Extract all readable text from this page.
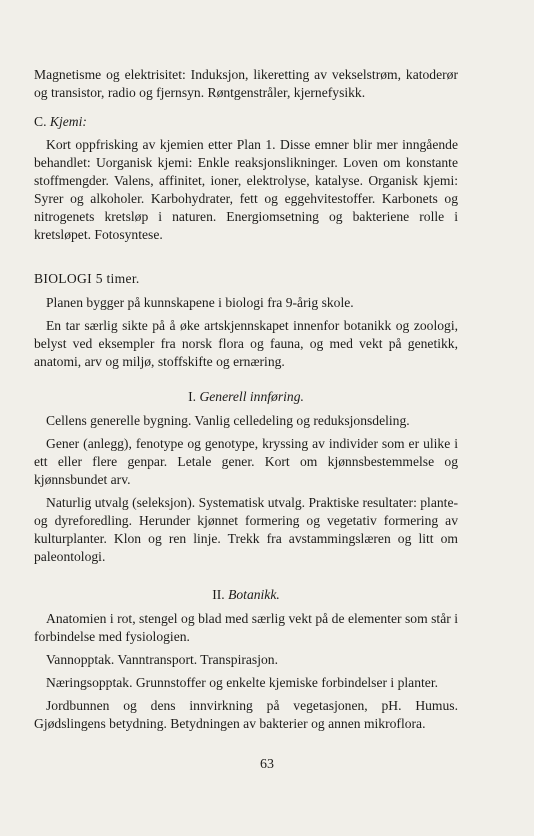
Magnetisme og elektrisitet: Induksjon, likeretting av vekselstrøm, katoderør og transistor, radio og fjernsyn. Røntgenstråler, kjernefysikk.

C. Kjemi:

Kort oppfrisking av kjemien etter Plan 1. Disse emner blir mer inngående behandlet: Uorganisk kjemi: Enkle reaksjonslikninger. Loven om konstante stoffmengder. Valens, affinitet, ioner, elektrolyse, katalyse. Organisk kjemi: Syrer og alkoholer. Karbohydrater, fett og eggehvitestoffer. Karbonets og nitrogenets kretsløp i naturen. Energiomsetning og bakteriene rolle i kretsløpet. Fotosyntese.

BIOLOGI 5 timer.

Planen bygger på kunnskapene i biologi fra 9-årig skole.

En tar særlig sikte på å øke artskjennskapet innenfor botanikk og zoologi, belyst ved eksempler fra norsk flora og fauna, og med vekt på genetikk, anatomi, arv og miljø, stoffskifte og ernæring.

I. Generell innføring.

Cellens generelle bygning. Vanlig celledeling og reduksjonsdeling.

Gener (anlegg), fenotype og genotype, kryssing av individer som er ulike i ett eller flere genpar. Letale gener. Kort om kjønnsbestemmelse og kjønnsbundet arv.

Naturlig utvalg (seleksjon). Systematisk utvalg. Praktiske resultater: plante- og dyreforedling. Herunder kjønnet formering og vegetativ formering av kulturplanter. Klon og ren linje. Trekk fra avstammingslæren og litt om paleontologi.

II. Botanikk.

Anatomien i rot, stengel og blad med særlig vekt på de elementer som står i forbindelse med fysiologien.

Vannopptak. Vanntransport. Transpirasjon.

Næringsopptak. Grunnstoffer og enkelte kjemiske forbindelser i planter.

Jordbunnen og dens innvirkning på vegetasjonen, pH. Humus. Gjødslingens betydning. Betydningen av bakterier og annen mikroflora.

63
